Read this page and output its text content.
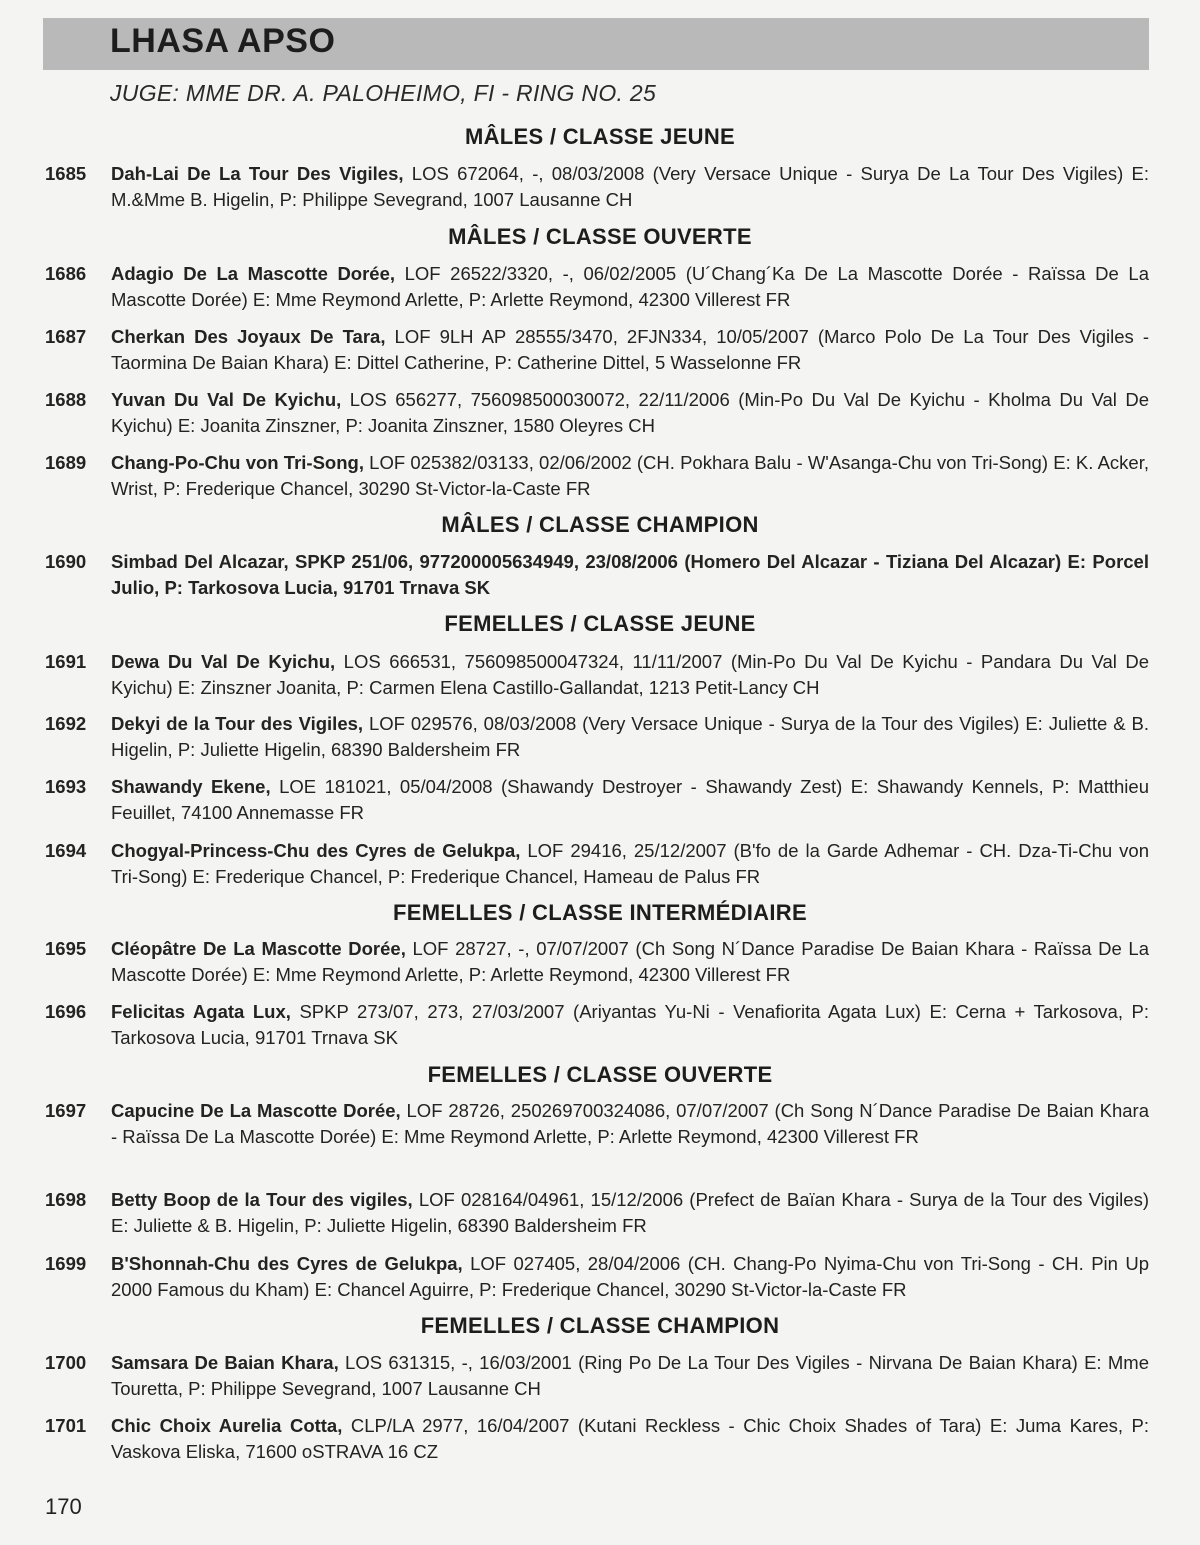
LHASA APSO
JUGE: MME DR. A. PALOHEIMO, FI - RING NO. 25
MÂLES / CLASSE JEUNE
1685	Dah-Lai De La Tour Des Vigiles, LOS 672064, -, 08/03/2008 (Very Versace Unique - Surya De La Tour Des Vigiles) E: M.&Mme B. Higelin, P: Philippe Sevegrand, 1007 Lausanne CH
MÂLES / CLASSE OUVERTE
1686	Adagio De La Mascotte Dorée, LOF 26522/3320, -, 06/02/2005 (U´Chang´Ka De La Mascotte Dorée - Raïssa De La Mascotte Dorée) E: Mme Reymond Arlette, P: Arlette Reymond, 42300 Villerest FR
1687	Cherkan Des Joyaux De Tara, LOF 9LH AP 28555/3470, 2FJN334, 10/05/2007 (Marco Polo De La Tour Des Vigiles - Taormina De Baian Khara) E: Dittel Catherine, P: Catherine Dittel, 5 Wasselonne FR
1688	Yuvan Du Val De Kyichu, LOS 656277, 756098500030072, 22/11/2006 (Min-Po Du Val De Kyichu - Kholma Du Val De Kyichu) E: Joanita Zinszner, P: Joanita Zinszner, 1580 Oleyres CH
1689	Chang-Po-Chu von Tri-Song, LOF 025382/03133, 02/06/2002 (CH. Pokhara Balu - W'Asanga-Chu von Tri-Song) E: K. Acker, Wrist, P: Frederique Chancel, 30290 St-Victor-la-Caste FR
MÂLES / CLASSE CHAMPION
1690	Simbad Del Alcazar, SPKP 251/06, 977200005634949, 23/08/2006 (Homero Del Alcazar - Tiziana Del Alcazar) E: Porcel Julio, P: Tarkosova Lucia, 91701 Trnava SK
FEMELLES / CLASSE JEUNE
1691	Dewa Du Val De Kyichu, LOS 666531, 756098500047324, 11/11/2007 (Min-Po Du Val De Kyichu - Pandara Du Val De Kyichu) E: Zinszner Joanita, P: Carmen Elena Castillo-Gallandat, 1213 Petit-Lancy CH
1692	Dekyi de la Tour des Vigiles, LOF 029576, 08/03/2008 (Very Versace Unique - Surya de la Tour des Vigiles) E: Juliette & B. Higelin, P: Juliette Higelin, 68390 Baldersheim FR
1693	Shawandy Ekene, LOE 181021, 05/04/2008 (Shawandy Destroyer - Shawandy Zest) E: Shawandy Kennels, P: Matthieu Feuillet, 74100 Annemasse FR
1694	Chogyal-Princess-Chu des Cyres de Gelukpa, LOF 29416, 25/12/2007 (B'fo de la Garde Adhemar - CH. Dza-Ti-Chu von Tri-Song) E: Frederique Chancel, P: Frederique Chancel, Hameau de Palus FR
FEMELLES / CLASSE INTERMÉDIAIRE
1695	Cléopâtre De La Mascotte Dorée, LOF 28727, -, 07/07/2007 (Ch Song N´Dance Paradise De Baian Khara - Raïssa De La Mascotte Dorée) E: Mme Reymond Arlette, P: Arlette Reymond, 42300 Villerest FR
1696	Felicitas Agata Lux, SPKP 273/07, 273, 27/03/2007 (Ariyantas Yu-Ni - Venafiorita Agata Lux) E: Cerna + Tarkosova, P: Tarkosova Lucia, 91701 Trnava SK
FEMELLES / CLASSE OUVERTE
1697	Capucine De La Mascotte Dorée, LOF 28726, 250269700324086, 07/07/2007 (Ch Song N´Dance Paradise De Baian Khara - Raïssa De La Mascotte Dorée) E: Mme Reymond Arlette, P: Arlette Reymond, 42300 Villerest FR
1698	Betty Boop de la Tour des vigiles, LOF 028164/04961, 15/12/2006 (Prefect de Baïan Khara - Surya de la Tour des Vigiles) E: Juliette & B. Higelin, P: Juliette Higelin, 68390 Baldersheim FR
1699	B'Shonnah-Chu des Cyres de Gelukpa, LOF 027405, 28/04/2006 (CH. Chang-Po Nyima-Chu von Tri-Song - CH. Pin Up 2000 Famous du Kham) E: Chancel Aguirre, P: Frederique Chancel, 30290 St-Victor-la-Caste FR
FEMELLES / CLASSE CHAMPION
1700	Samsara De Baian Khara, LOS 631315, -, 16/03/2001 (Ring Po De La Tour Des Vigiles - Nirvana De Baian Khara) E: Mme Touretta, P: Philippe Sevegrand, 1007 Lausanne CH
1701	Chic Choix Aurelia Cotta, CLP/LA 2977, 16/04/2007 (Kutani Reckless - Chic Choix Shades of Tara) E: Juma Kares, P: Vaskova Eliska, 71600 oSTRAVA 16 CZ
170
